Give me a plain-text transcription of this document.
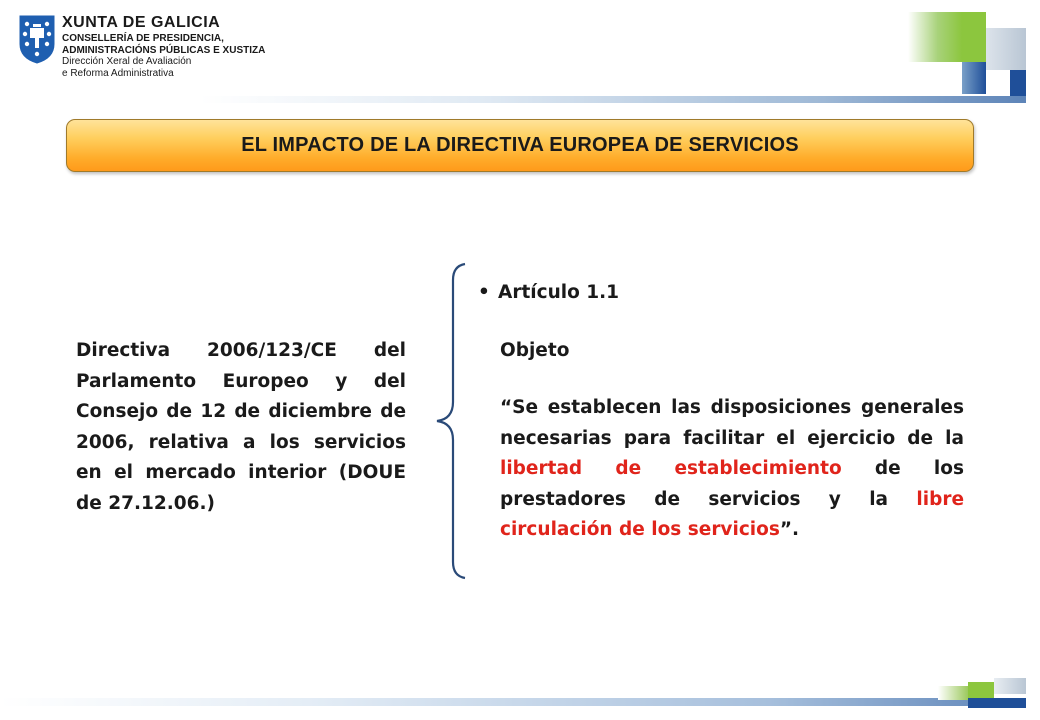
XUNTA DE GALICIA
CONSELLERÍA DE PRESIDENCIA,
ADMINISTRACIÓNS PÚBLICAS E XUSTIZA
Dirección Xeral de Avaliación
e Reforma Administrativa
EL IMPACTO DE LA DIRECTIVA EUROPEA DE SERVICIOS
Directiva 2006/123/CE del Parlamento Europeo y del Consejo de 12 de diciembre de 2006, relativa a los servicios en el mercado interior (DOUE de 27.12.06.)
• Artículo 1.1
Objeto
“Se establecen las disposiciones generales necesarias para facilitar el ejercicio de la libertad de establecimiento de los prestadores de servicios y la libre circulación de los servicios”.
